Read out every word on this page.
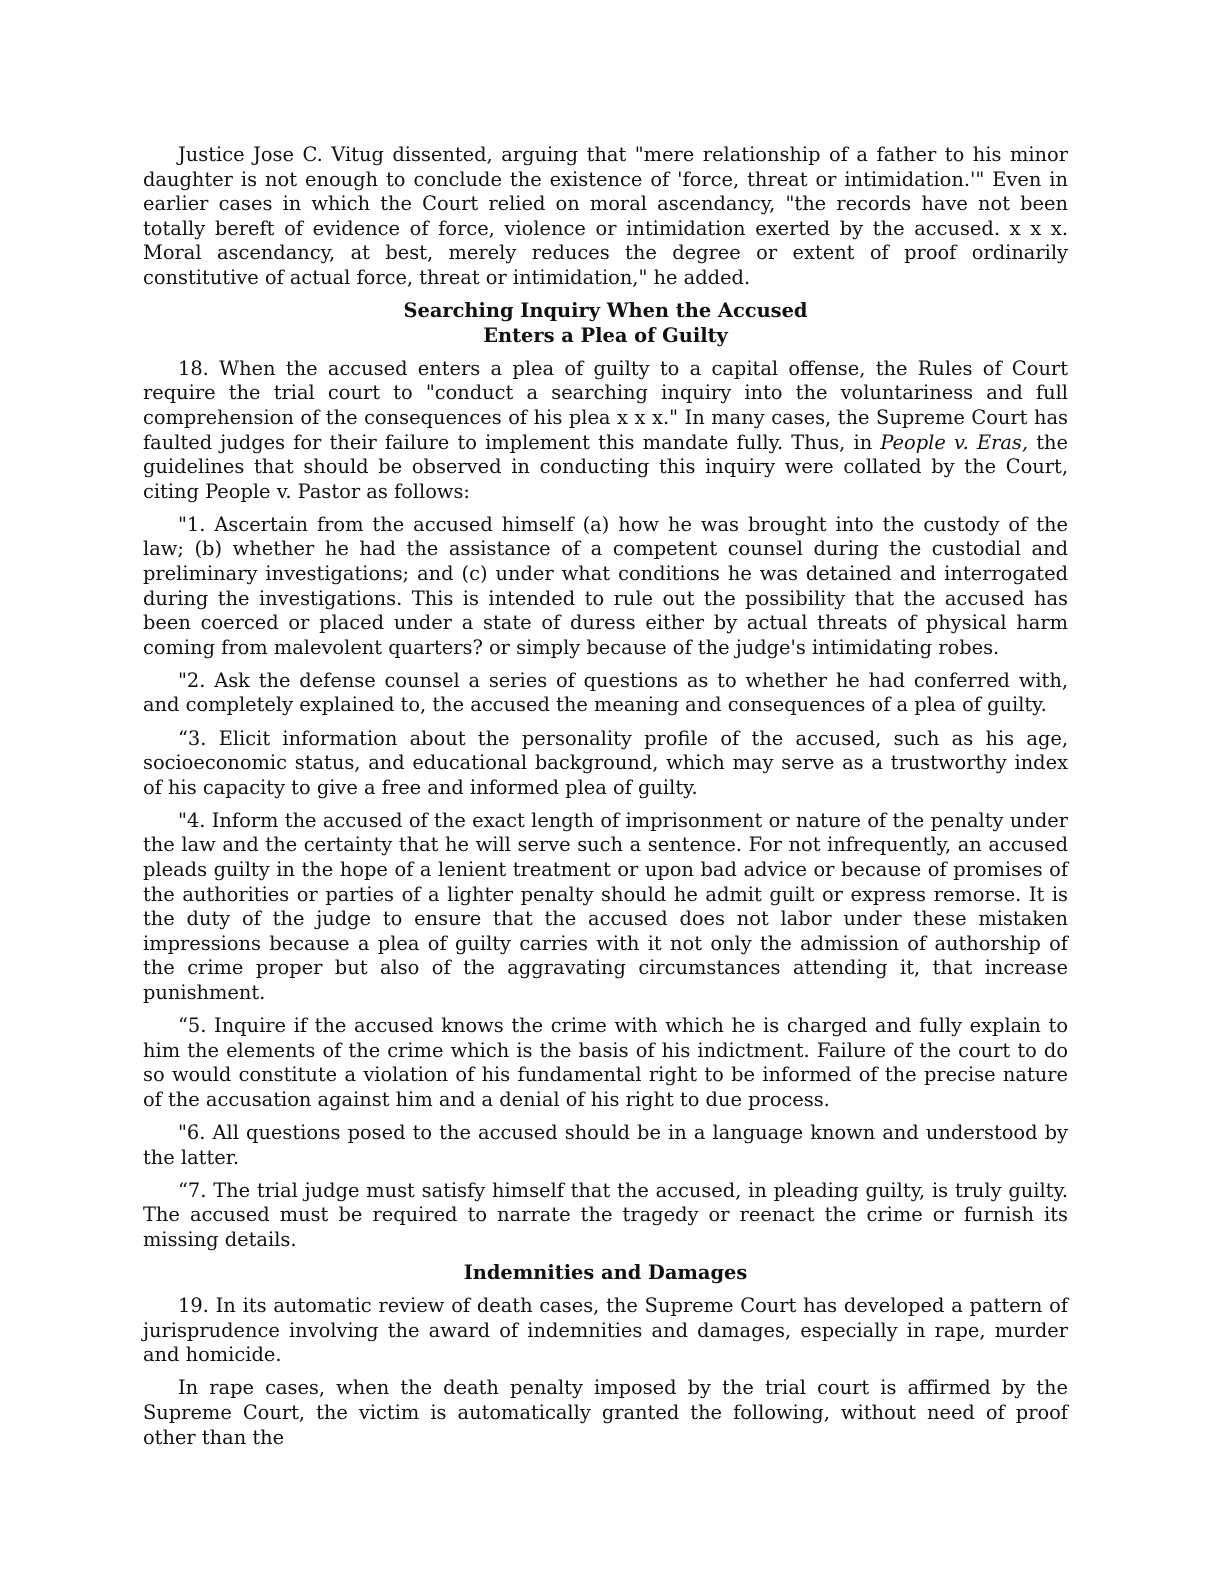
Justice Jose C. Vitug dissented, arguing that "mere relationship of a father to his minor daughter is not enough to conclude the existence of 'force, threat or intimidation.'" Even in earlier cases in which the Court relied on moral ascendancy, "the records have not been totally bereft of evidence of force, violence or intimidation exerted by the accused. x x x. Moral ascendancy, at best, merely reduces the degree or extent of proof ordinarily constitutive of actual force, threat or intimidation," he added.

Searching Inquiry When the Accused
Enters a Plea of Guilty

18. When the accused enters a plea of guilty to a capital offense, the Rules of Court require the trial court to "conduct a searching inquiry into the voluntariness and full comprehension of the consequences of his plea x x x." In many cases, the Supreme Court has faulted judges for their failure to implement this mandate fully. Thus, in People v. Eras, the guidelines that should be observed in conducting this inquiry were collated by the Court, citing People v. Pastor as follows:

"1. Ascertain from the accused himself (a) how he was brought into the custody of the law; (b) whether he had the assistance of a competent counsel during the custodial and preliminary investigations; and (c) under what conditions he was detained and interrogated during the investigations. This is intended to rule out the possibility that the accused has been coerced or placed under a state of duress either by actual threats of physical harm coming from malevolent quarters? or simply because of the judge's intimidating robes.

"2. Ask the defense counsel a series of questions as to whether he had conferred with, and completely explained to, the accused the meaning and consequences of a plea of guilty.

“3. Elicit information about the personality profile of the accused, such as his age, socioeconomic status, and educational background, which may serve as a trustworthy index of his capacity to give a free and informed plea of guilty.

"4. Inform the accused of the exact length of imprisonment or nature of the penalty under the law and the certainty that he will serve such a sentence. For not infrequently, an accused pleads guilty in the hope of a lenient treatment or upon bad advice or because of promises of the authorities or parties of a lighter penalty should he admit guilt or express remorse. It is the duty of the judge to ensure that the accused does not labor under these mistaken impressions because a plea of guilty carries with it not only the admission of authorship of the crime proper but also of the aggravating circumstances attending it, that increase punishment.

“5. Inquire if the accused knows the crime with which he is charged and fully explain to him the elements of the crime which is the basis of his indictment. Failure of the court to do so would constitute a violation of his fundamental right to be informed of the precise nature of the accusation against him and a denial of his right to due process.

"6. All questions posed to the accused should be in a language known and understood by the latter.

“7. The trial judge must satisfy himself that the accused, in pleading guilty, is truly guilty. The accused must be required to narrate the tragedy or reenact the crime or furnish its missing details.

Indemnities and Damages

19. In its automatic review of death cases, the Supreme Court has developed a pattern of jurisprudence involving the award of indemnities and damages, especially in rape, murder and homicide.

In rape cases, when the death penalty imposed by the trial court is affirmed by the Supreme Court, the victim is automatically granted the following, without need of proof other than the
